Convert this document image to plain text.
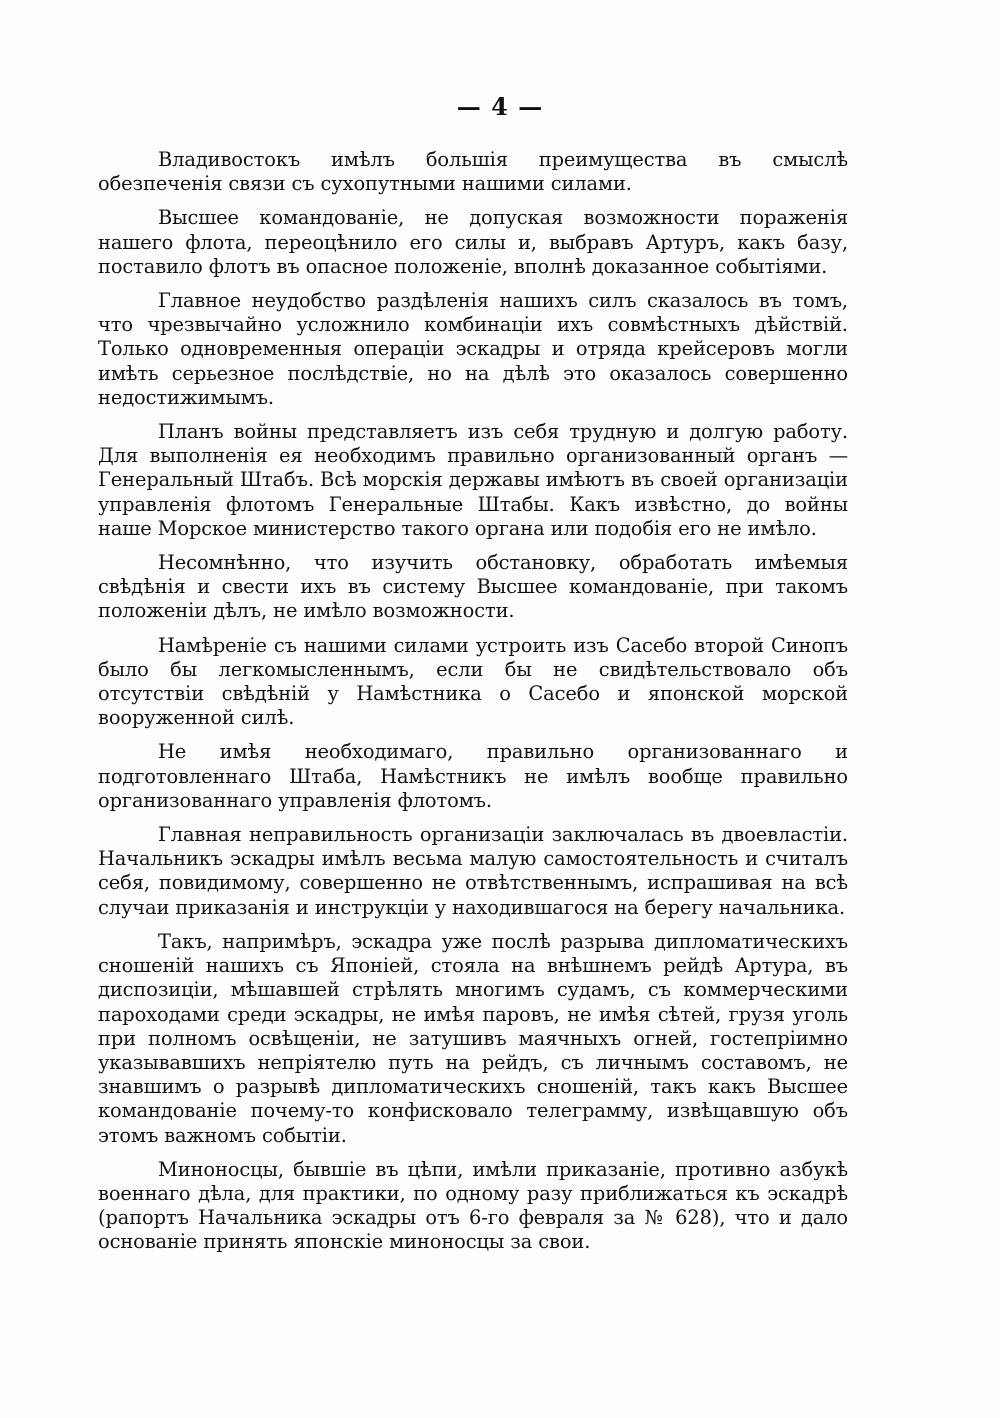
— 4 —

Владивостокъ имѣлъ большія преимущества въ смыслѣ обезпеченія связи съ сухопутными нашими силами.

Высшее командованіе, не допуская возможности пораженія нашего флота, переоцѣнило его силы и, выбравъ Артуръ, какъ базу, поставило флотъ въ опасное положеніе, вполнѣ доказанное событіями.

Главное неудобство раздѣленія нашихъ силъ сказалось въ томъ, что чрезвычайно усложнило комбинаціи ихъ совмѣстныхъ дѣйствій. Только одновременныя операціи эскадры и отряда крейсеровъ могли имѣть серьезное послѣдствіе, но на дѣлѣ это оказалось совершенно недостижимымъ.

Планъ войны представляетъ изъ себя трудную и долгую работу. Для выполненія ея необходимъ правильно организованный органъ — Генеральный Штабъ. Всѣ морскія державы имѣютъ въ своей организаціи управленія флотомъ Генеральные Штабы. Какъ извѣстно, до войны наше Морское министерство такого органа или подобія его не имѣло.

Несомнѣнно, что изучить обстановку, обработать имѣемыя свѣдѣнія и свести ихъ въ систему Высшее командованіе, при такомъ положеніи дѣлъ, не имѣло возможности.

Намѣреніе съ нашими силами устроить изъ Сасебо второй Синопъ было бы легкомысленнымъ, если бы не свидѣтельствовало объ отсутствіи свѣдѣній у Намѣстника о Сасебо и японской морской вооруженной силѣ.

Не имѣя необходимаго, правильно организованнаго и подготовленнаго Штаба, Намѣстникъ не имѣлъ вообще правильно организованнаго управленія флотомъ.

Главная неправильность организаціи заключалась въ двоевластіи. Начальникъ эскадры имѣлъ весьма малую самостоятельность и считалъ себя, повидимому, совершенно не отвѣтственнымъ, испрашивая на всѣ случаи приказанія и инструкціи у находившагося на берегу начальника.

Такъ, напримѣръ, эскадра уже послѣ разрыва дипломатическихъ сношеній нашихъ съ Японіей, стояла на внѣшнемъ рейдѣ Артура, въ диспозиціи, мѣшавшей стрѣлять многимъ судамъ, съ коммерческими пароходами среди эскадры, не имѣя паровъ, не имѣя сѣтей, грузя уголь при полномъ освѣщеніи, не затушивъ маячныхъ огней, гостепріимно указывавшихъ непріятелю путь на рейдъ, съ личнымъ составомъ, не знавшимъ о разрывѣ дипломатическихъ сношеній, такъ какъ Высшее командованіе почему-то конфисковало телеграмму, извѣщавшую объ этомъ важномъ событіи.

Миноносцы, бывшіе въ цѣпи, имѣли приказаніе, противно азбукѣ военнаго дѣла, для практики, по одному разу приближаться къ эскадрѣ (рапортъ Начальника эскадры отъ 6-го февраля за № 628), что и дало основаніе принять японскіе миноносцы за свои.
